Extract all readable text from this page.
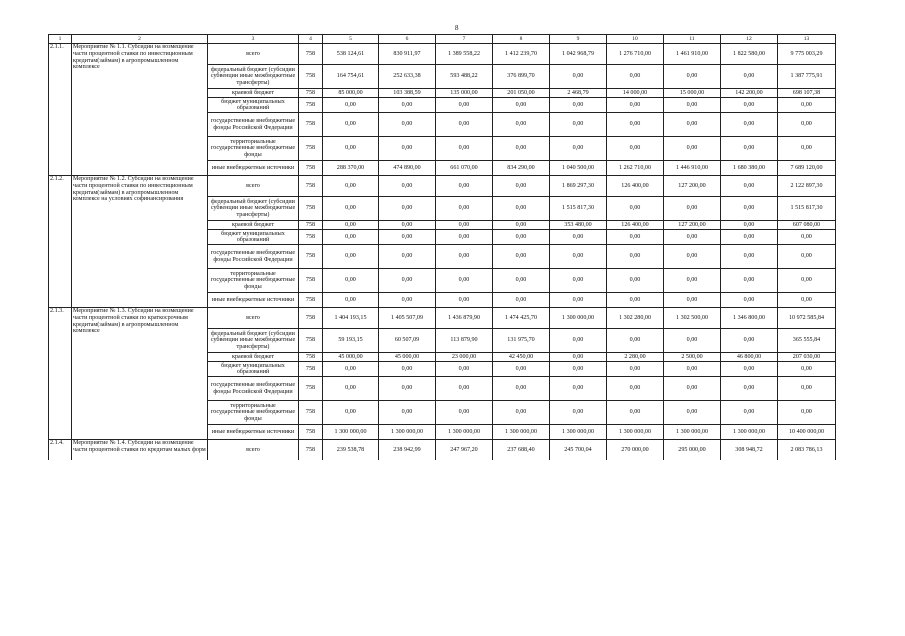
8
1	2	3	4	5	6	7	8	9	10	11	12	13
2.1.1.	Мероприятие № 1.1. Субсидии на возмещение части процентной ставки по инвестиционным кредитам(займам) в агропромышленном комплексе	всего	758	538 124,61	830 911,97	1 389 558,22	1 412 239,70	1 042 968,79	1 276 710,00	1 461 910,00	1 822 580,00	9 775 003,29
		федеральный бюджет (субсидии субвенции иные межбюджетные трансферты)	758	164 754,61	252 633,38	593 488,22	376 899,70	0,00	0,00	0,00	0,00	1 387 775,91
		краевой бюджет	758	85 000,00	103 388,59	135 000,00	201 050,00	2 468,79	14 000,00	15 000,00	142 200,00	698 107,38
		бюджет муниципальных образований	758	0,00	0,00	0,00	0,00	0,00	0,00	0,00	0,00	0,00
		государственные внебюджетные фонды Российской Федерации	758	0,00	0,00	0,00	0,00	0,00	0,00	0,00	0,00	0,00
		территориальные государственные внебюджетные фонды	758	0,00	0,00	0,00	0,00	0,00	0,00	0,00	0,00	0,00
		иные внебюджетные источники	758	288 370,00	474 890,00	661 070,00	834 290,00	1 040 500,00	1 262 710,00	1 446 910,00	1 680 380,00	7 689 120,00
2.1.2.	Мероприятие № 1.2. Субсидии на возмещение части процентной ставки по инвестиционным кредитам(займам) в агропромышленном комплексе на условиях софинансирования	всего	758	0,00	0,00	0,00	0,00	1 869 297,30	126 400,00	127 200,00	0,00	2 122 897,30
		федеральный бюджет (субсидии субвенции иные межбюджетные трансферты)	758	0,00	0,00	0,00	0,00	1 515 817,30	0,00	0,00	0,00	1 515 817,30
		краевой бюджет	758	0,00	0,00	0,00	0,00	353 480,00	126 400,00	127 200,00	0,00	607 080,00
		бюджет муниципальных образований	758	0,00	0,00	0,00	0,00	0,00	0,00	0,00	0,00	0,00
		государственные внебюджетные фонды Российской Федерации	758	0,00	0,00	0,00	0,00	0,00	0,00	0,00	0,00	0,00
		территориальные государственные внебюджетные фонды	758	0,00	0,00	0,00	0,00	0,00	0,00	0,00	0,00	0,00
		иные внебюджетные источники	758	0,00	0,00	0,00	0,00	0,00	0,00	0,00	0,00	0,00
2.1.3.	Мероприятие № 1.3. Субсидии на возмещение части процентной ставки по краткосрочным кредитам(займам) в агропромышленном комплексе	всего	758	1 404 193,15	1 405 507,09	1 436 879,90	1 474 425,70	1 300 000,00	1 302 280,00	1 302 500,00	1 346 800,00	10 972 585,84
		федеральный бюджет (субсидии субвенции иные межбюджетные трансферты)	758	59 193,15	60 507,09	113 879,90	131 975,70	0,00	0,00	0,00	0,00	365 555,84
		краевой бюджет	758	45 000,00	45 000,00	23 000,00	42 450,00	0,00	2 280,00	2 500,00	46 800,00	207 030,00
		бюджет муниципальных образований	758	0,00	0,00	0,00	0,00	0,00	0,00	0,00	0,00	0,00
		государственные внебюджетные фонды Российской Федерации	758	0,00	0,00	0,00	0,00	0,00	0,00	0,00	0,00	0,00
		территориальные государственные внебюджетные фонды	758	0,00	0,00	0,00	0,00	0,00	0,00	0,00	0,00	0,00
		иные внебюджетные источники	758	1 300 000,00	1 300 000,00	1 300 000,00	1 300 000,00	1 300 000,00	1 300 000,00	1 300 000,00	1 300 000,00	10 400 000,00
2.1.4.	Мероприятие № 1.4. Субсидии на возмещение части процентной ставки по кредитам малых форм	всего	758	239 538,78	238 942,99	247 967,20	237 688,40	245 700,04	270 000,00	295 000,00	308 948,72	2 083 786,13
